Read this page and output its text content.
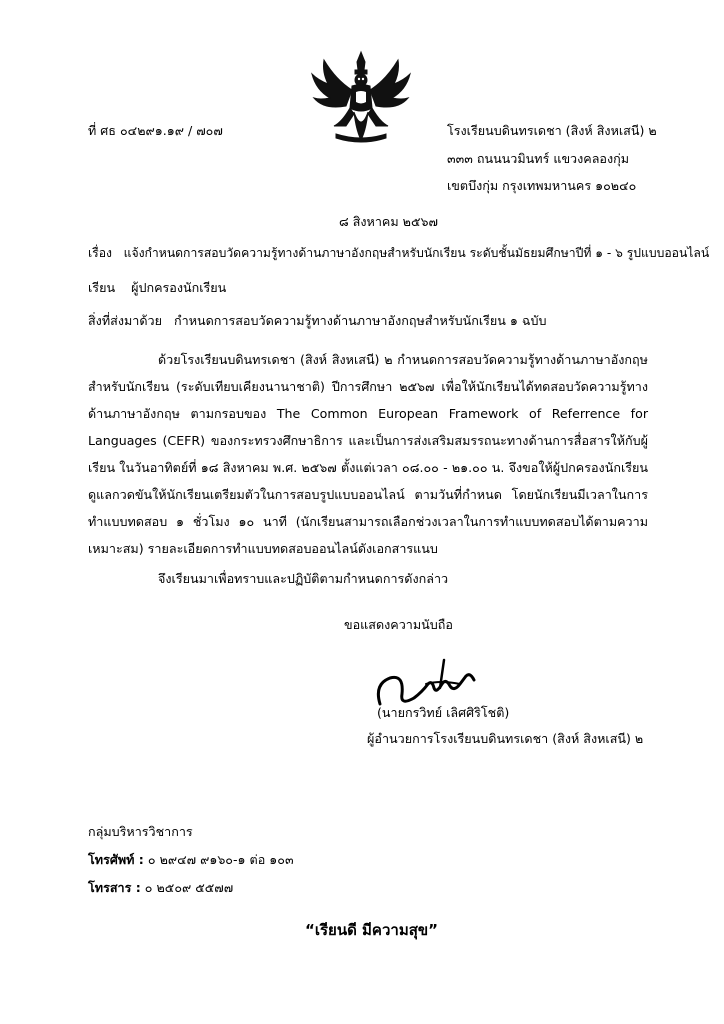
ที่ ศธ ๐๔๒๙๑.๑๙ / ๗๐๗	โรงเรียนบดินทรเดชา (สิงห์ สิงหเสนี) ๒
๓๓๓ ถนนนวมินทร์ แขวงคลองกุ่ม
เขตบึงกุ่ม กรุงเทพมหานคร ๑๐๒๔๐
๘ สิงหาคม ๒๕๖๗
เรื่อง แจ้งกำหนดการสอบวัดความรู้ทางด้านภาษาอังกฤษสำหรับนักเรียน ระดับชั้นมัธยมศึกษาปีที่ ๑ - ๖ รูปแบบออนไลน์
เรียน ผู้ปกครองนักเรียน
สิ่งที่ส่งมาด้วย กำหนดการสอบวัดความรู้ทางด้านภาษาอังกฤษสำหรับนักเรียน ๑ ฉบับ
ด้วยโรงเรียนบดินทรเดชา (สิงห์ สิงหเสนี) ๒ กำหนดการสอบวัดความรู้ทางด้านภาษาอังกฤษสำหรับนักเรียน (ระดับเทียบเคียงนานาชาติ) ปีการศึกษา ๒๕๖๗ เพื่อให้นักเรียนได้ทดสอบวัดความรู้ทางด้านภาษาอังกฤษ ตามกรอบของ The Common European Framework of Referrence for Languages (CEFR) ของกระทรวงศึกษาธิการ และเป็นการส่งเสริมสมรรถนะทางด้านการสื่อสารให้กับผู้เรียน ในวันอาทิตย์ที่ ๑๘ สิงหาคม พ.ศ. ๒๕๖๗ ตั้งแต่เวลา ๐๘.๐๐ - ๒๑.๐๐ น. จึงขอให้ผู้ปกครองนักเรียนดูแลกวดขันให้นักเรียนเตรียมตัวในการสอบรูปแบบออนไลน์ ตามวันที่กำหนด โดยนักเรียนมีเวลาในการทำแบบทดสอบ ๑ ชั่วโมง ๑๐ นาที (นักเรียนสามารถเลือกช่วงเวลาในการทำแบบทดสอบได้ตามความเหมาะสม) รายละเอียดการทำแบบทดสอบออนไลน์ดังเอกสารแนบ
จึงเรียนมาเพื่อทราบและปฏิบัติตามกำหนดการดังกล่าว
ขอแสดงความนับถือ
(นายกรวิทย์ เลิศศิริโชติ)
ผู้อำนวยการโรงเรียนบดินทรเดชา (สิงห์ สิงหเสนี) ๒
กลุ่มบริหารวิชาการ
โทรศัพท์ : ๐ ๒๙๔๗ ๙๑๖๐-๑ ต่อ ๑๐๓
โทรสาร : ๐ ๒๕๐๙ ๕๕๗๗
“เรียนดี มีความสุข”
